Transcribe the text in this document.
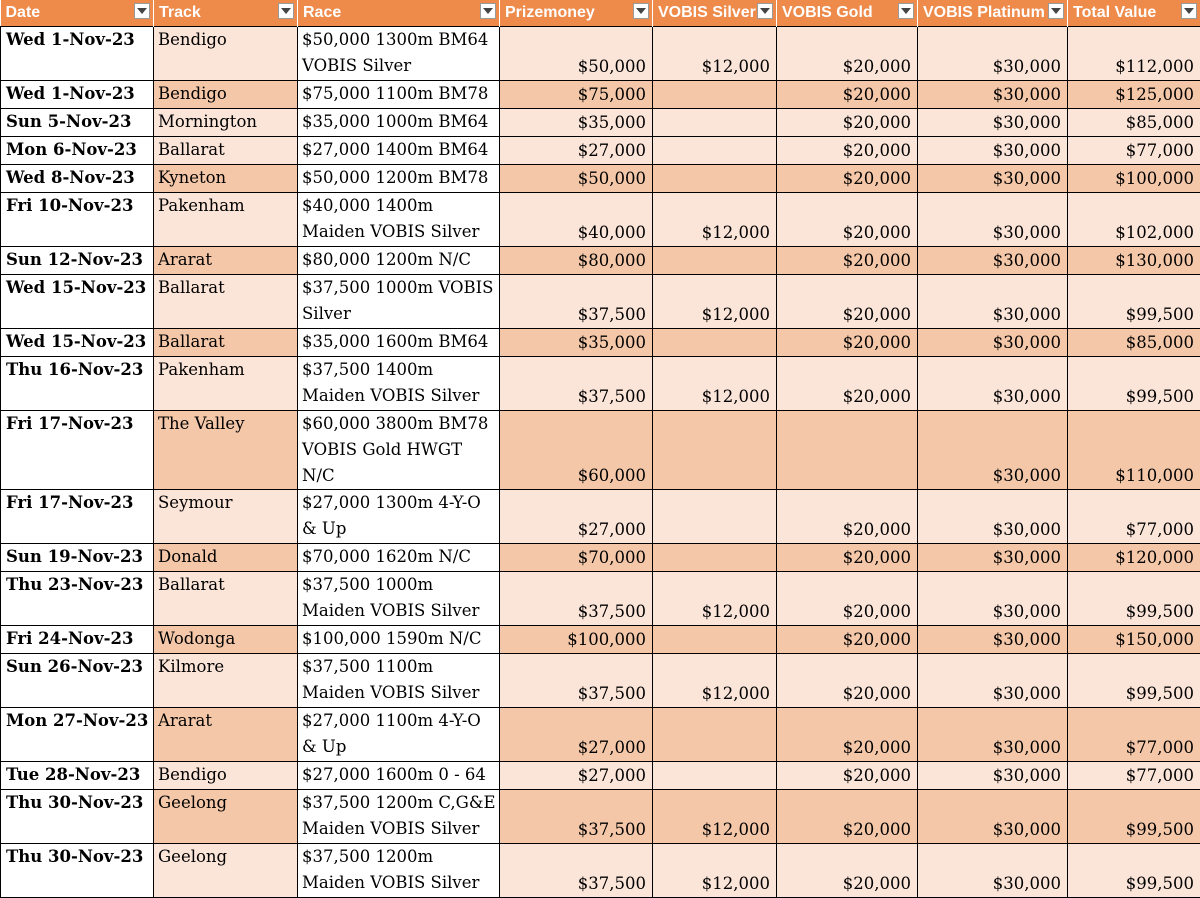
Date	Track	Race	Prizemoney	VOBIS Silver	VOBIS Gold	VOBIS Platinum	Total Value

Wed 1-Nov-23	Bendigo	$50,000 1300m BM64 VOBIS Silver	$50,000	$12,000	$20,000	$30,000	$112,000
Wed 1-Nov-23	Bendigo	$75,000 1100m BM78	$75,000		$20,000	$30,000	$125,000
Sun 5-Nov-23	Mornington	$35,000 1000m BM64	$35,000		$20,000	$30,000	$85,000
Mon 6-Nov-23	Ballarat	$27,000 1400m BM64	$27,000		$20,000	$30,000	$77,000
Wed 8-Nov-23	Kyneton	$50,000 1200m BM78	$50,000		$20,000	$30,000	$100,000
Fri 10-Nov-23	Pakenham	$40,000 1400m Maiden VOBIS Silver	$40,000	$12,000	$20,000	$30,000	$102,000
Sun 12-Nov-23	Ararat	$80,000 1200m N/C	$80,000		$20,000	$30,000	$130,000
Wed 15-Nov-23	Ballarat	$37,500 1000m VOBIS Silver	$37,500	$12,000	$20,000	$30,000	$99,500
Wed 15-Nov-23	Ballarat	$35,000 1600m BM64	$35,000		$20,000	$30,000	$85,000
Thu 16-Nov-23	Pakenham	$37,500 1400m Maiden VOBIS Silver	$37,500	$12,000	$20,000	$30,000	$99,500
Fri 17-Nov-23	The Valley	$60,000 3800m BM78 VOBIS Gold HWGT N/C	$60,000			$30,000	$110,000
Fri 17-Nov-23	Seymour	$27,000 1300m 4-Y-O & Up	$27,000		$20,000	$30,000	$77,000
Sun 19-Nov-23	Donald	$70,000 1620m N/C	$70,000		$20,000	$30,000	$120,000
Thu 23-Nov-23	Ballarat	$37,500 1000m Maiden VOBIS Silver	$37,500	$12,000	$20,000	$30,000	$99,500
Fri 24-Nov-23	Wodonga	$100,000 1590m N/C	$100,000		$20,000	$30,000	$150,000
Sun 26-Nov-23	Kilmore	$37,500 1100m Maiden VOBIS Silver	$37,500	$12,000	$20,000	$30,000	$99,500
Mon 27-Nov-23	Ararat	$27,000 1100m 4-Y-O & Up	$27,000		$20,000	$30,000	$77,000
Tue 28-Nov-23	Bendigo	$27,000 1600m 0 - 64	$27,000		$20,000	$30,000	$77,000
Thu 30-Nov-23	Geelong	$37,500 1200m C,G&E Maiden VOBIS Silver	$37,500	$12,000	$20,000	$30,000	$99,500
Thu 30-Nov-23	Geelong	$37,500 1200m Maiden VOBIS Silver	$37,500	$12,000	$20,000	$30,000	$99,500
